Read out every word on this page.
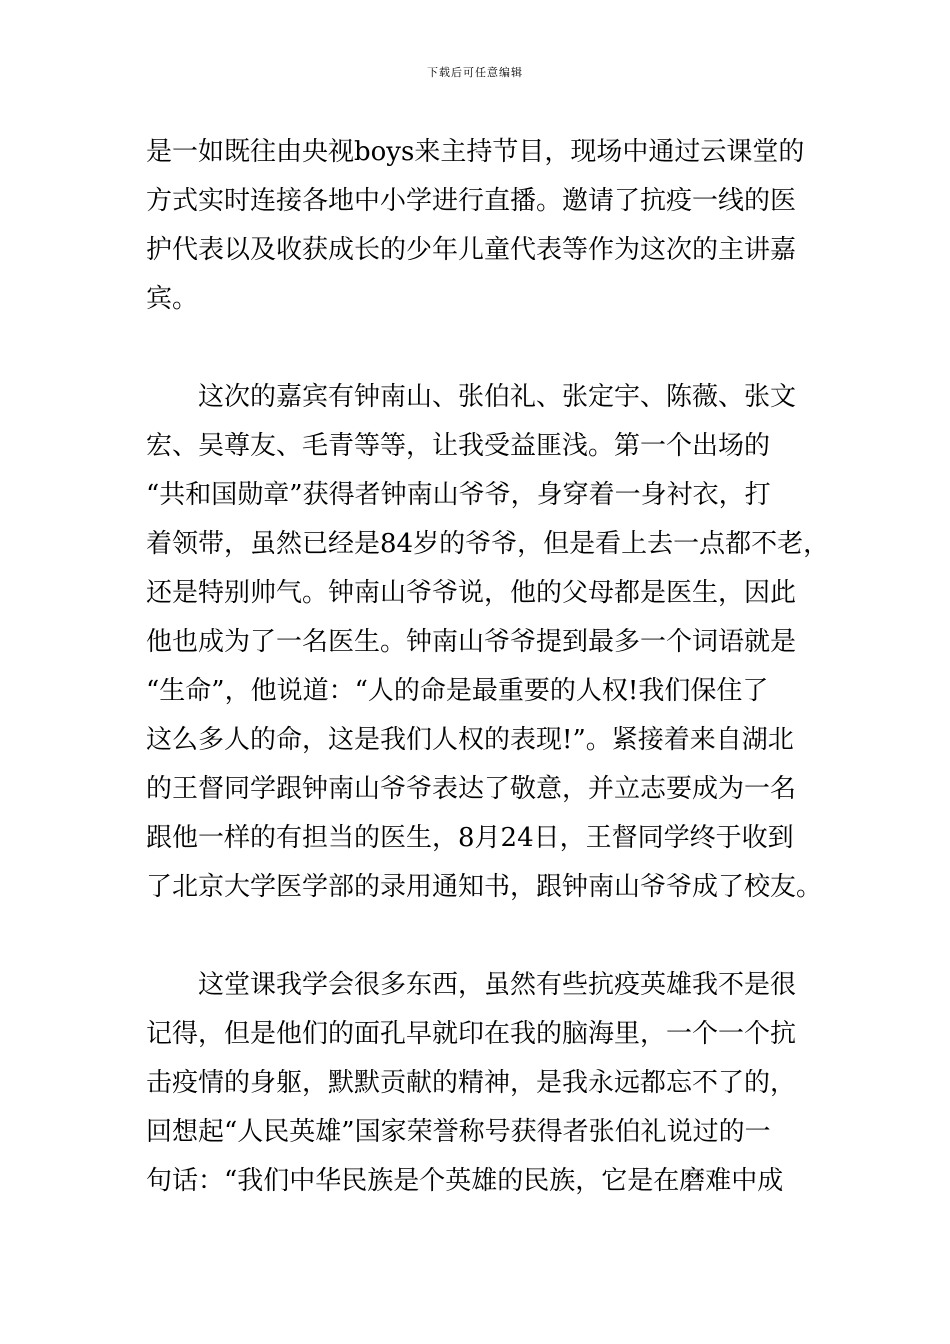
下载后可任意编辑
是一如既往由央视boys来主持节目，现场中通过云课堂的
方式实时连接各地中小学进行直播。邀请了抗疫一线的医
护代表以及收获成长的少年儿童代表等作为这次的主讲嘉
宾。
这次的嘉宾有钟南山、张伯礼、张定宇、陈薇、张文
宏、吴尊友、毛青等等，让我受益匪浅。第一个出场的
“共和国勋章”获得者钟南山爷爷，身穿着一身衬衣，打
着领带，虽然已经是84岁的爷爷，但是看上去一点都不老，
还是特别帅气。钟南山爷爷说，他的父母都是医生，因此
他也成为了一名医生。钟南山爷爷提到最多一个词语就是
“生命”，他说道：“人的命是最重要的人权!我们保住了
这么多人的命，这是我们人权的表现!”。紧接着来自湖北
的王督同学跟钟南山爷爷表达了敬意，并立志要成为一名
跟他一样的有担当的医生，8月24日，王督同学终于收到
了北京大学医学部的录用通知书，跟钟南山爷爷成了校友。
这堂课我学会很多东西，虽然有些抗疫英雄我不是很
记得，但是他们的面孔早就印在我的脑海里，一个一个抗
击疫情的身躯，默默贡献的精神，是我永远都忘不了的，
回想起“人民英雄”国家荣誉称号获得者张伯礼说过的一
句话：“我们中华民族是个英雄的民族，它是在磨难中成
